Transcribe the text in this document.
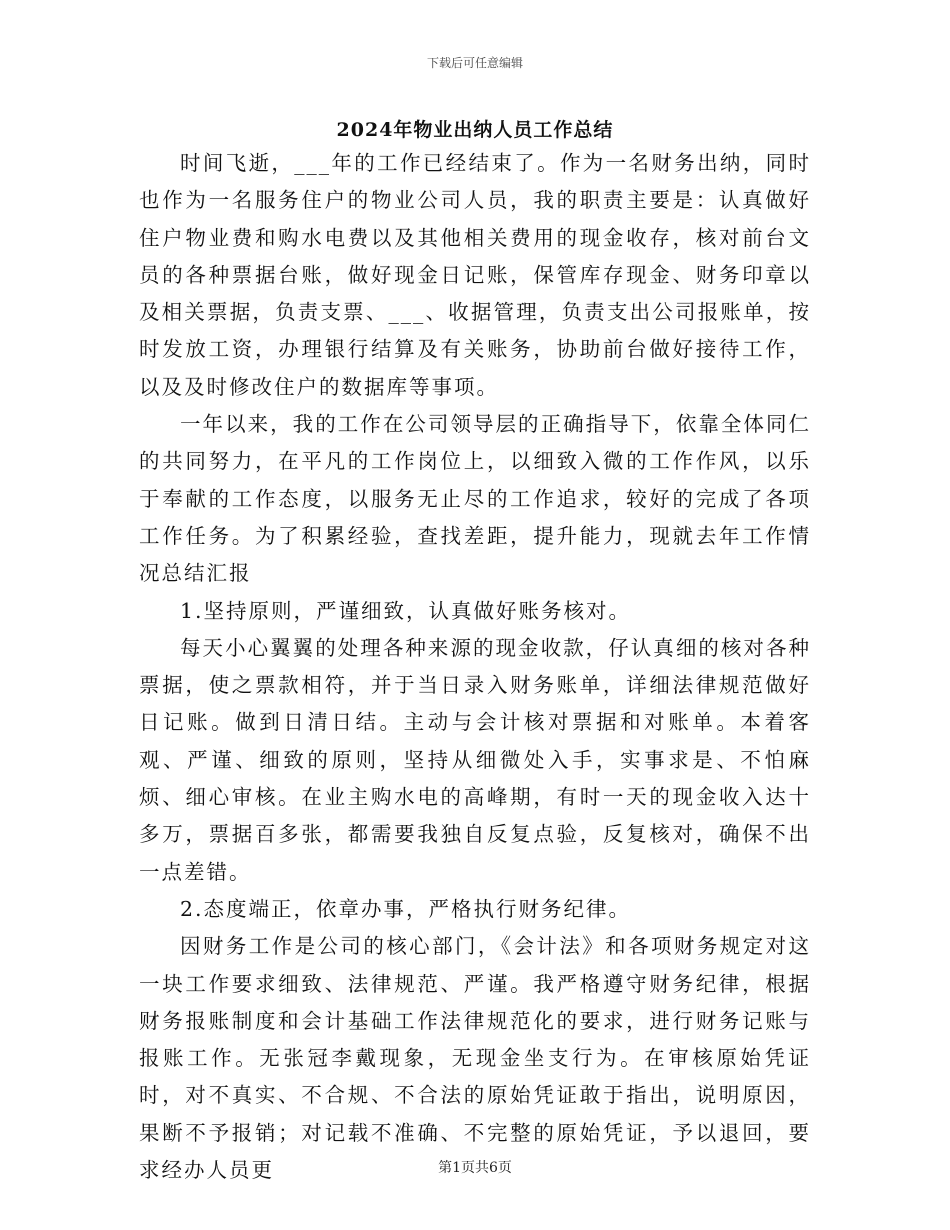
下载后可任意编辑
2024年物业出纳人员工作总结

时间飞逝，___年的工作已经结束了。作为一名财务出纳，同时也作为一名服务住户的物业公司人员，我的职责主要是：认真做好住户物业费和购水电费以及其他相关费用的现金收存，核对前台文员的各种票据台账，做好现金日记账，保管库存现金、财务印章以及相关票据，负责支票、___、收据管理，负责支出公司报账单，按时发放工资，办理银行结算及有关账务，协助前台做好接待工作，以及及时修改住户的数据库等事项。

一年以来，我的工作在公司领导层的正确指导下，依靠全体同仁的共同努力，在平凡的工作岗位上，以细致入微的工作作风，以乐于奉献的工作态度，以服务无止尽的工作追求，较好的完成了各项工作任务。为了积累经验，查找差距，提升能力，现就去年工作情况总结汇报

1.坚持原则，严谨细致，认真做好账务核对。

每天小心翼翼的处理各种来源的现金收款，仔认真细的核对各种票据，使之票款相符，并于当日录入财务账单，详细法律规范做好日记账。做到日清日结。主动与会计核对票据和对账单。本着客观、严谨、细致的原则，坚持从细微处入手，实事求是、不怕麻烦、细心审核。在业主购水电的高峰期，有时一天的现金收入达十多万，票据百多张，都需要我独自反复点验，反复核对，确保不出一点差错。

2.态度端正，依章办事，严格执行财务纪律。

因财务工作是公司的核心部门，《会计法》和各项财务规定对这一块工作要求细致、法律规范、严谨。我严格遵守财务纪律，根据财务报账制度和会计基础工作法律规范化的要求，进行财务记账与报账工作。无张冠李戴现象，无现金坐支行为。在审核原始凭证时，对不真实、不合规、不合法的原始凭证敢于指出，说明原因，果断不予报销；对记载不准确、不完整的原始凭证，予以退回，要求经办人员更	第1页共6页
